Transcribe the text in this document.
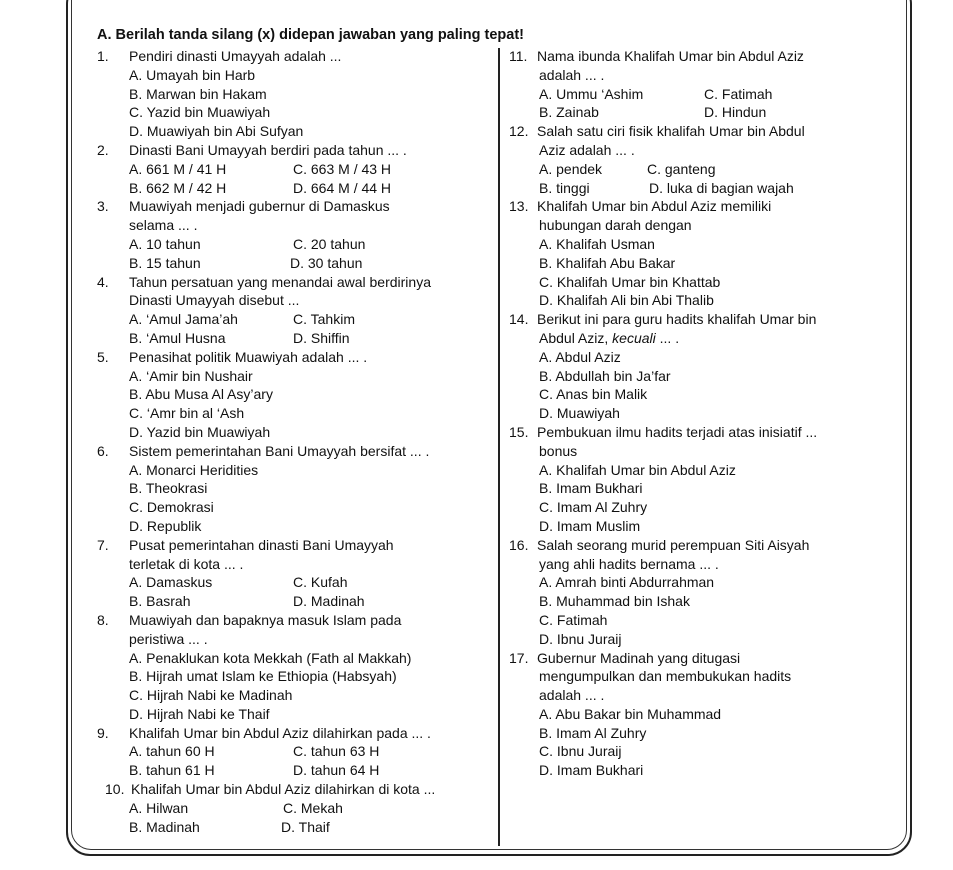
A. Berilah tanda silang (x) didepan jawaban yang paling tepat!
1. Pendiri dinasti Umayyah adalah ...
A. Umayah bin Harb
B. Marwan bin Hakam
C. Yazid bin Muawiyah
D. Muawiyah bin Abi Sufyan
2. Dinasti Bani Umayyah berdiri pada tahun ... .
A. 661 M / 41 H	C. 663 M / 43 H
B. 662 M / 42 H	D. 664 M / 44 H
3. Muawiyah menjadi gubernur di Damaskus
selama ... .
A. 10 tahun	C. 20 tahun
B. 15 tahun	D. 30 tahun
4. Tahun persatuan yang menandai awal berdirinya
Dinasti Umayyah disebut ...
A. ‘Amul Jama’ah	C. Tahkim
B. ‘Amul Husna	D. Shiffin
5. Penasihat politik Muawiyah adalah ... .
A. ‘Amir bin Nushair
B. Abu Musa Al Asy’ary
C. ‘Amr bin al ‘Ash
D. Yazid bin Muawiyah
6. Sistem pemerintahan Bani Umayyah bersifat ... .
A. Monarci Heridities
B. Theokrasi
C. Demokrasi
D. Republik
7. Pusat pemerintahan dinasti Bani Umayyah
terletak di kota ... .
A. Damaskus	C. Kufah
B. Basrah	D. Madinah
8. Muawiyah dan bapaknya masuk Islam pada
peristiwa ... .
A. Penaklukan kota Mekkah (Fath al Makkah)
B. Hijrah umat Islam ke Ethiopia (Habsyah)
C. Hijrah Nabi ke Madinah
D. Hijrah Nabi ke Thaif
9. Khalifah Umar bin Abdul Aziz dilahirkan pada ... .
A. tahun 60 H	C. tahun 63 H
B. tahun 61 H	D. tahun 64 H
10. Khalifah Umar bin Abdul Aziz dilahirkan di kota ...
A. Hilwan	C. Mekah
B. Madinah	D. Thaif
11. Nama ibunda Khalifah Umar bin Abdul Aziz
adalah ... .
A. Ummu ‘Ashim	C. Fatimah
B. Zainab	D. Hindun
12. Salah satu ciri fisik khalifah Umar bin Abdul
Aziz adalah ... .
A. pendek	C. ganteng
B. tinggi	D. luka di bagian wajah
13. Khalifah Umar bin Abdul Aziz memiliki
hubungan darah dengan
A. Khalifah Usman
B. Khalifah Abu Bakar
C. Khalifah Umar bin Khattab
D. Khalifah Ali bin Abi Thalib
14. Berikut ini para guru hadits khalifah Umar bin
Abdul Aziz, kecuali ... .
A. Abdul Aziz
B. Abdullah bin Ja’far
C. Anas bin Malik
D. Muawiyah
15. Pembukuan ilmu hadits terjadi atas inisiatif ...
bonus
A. Khalifah Umar bin Abdul Aziz
B. Imam Bukhari
C. Imam Al Zuhry
D. Imam Muslim
16. Salah seorang murid perempuan Siti Aisyah
yang ahli hadits bernama ... .
A. Amrah binti Abdurrahman
B. Muhammad bin Ishak
C. Fatimah
D. Ibnu Juraij
17. Gubernur Madinah yang ditugasi
mengumpulkan dan membukukan hadits
adalah ... .
A. Abu Bakar bin Muhammad
B. Imam Al Zuhry
C. Ibnu Juraij
D. Imam Bukhari
